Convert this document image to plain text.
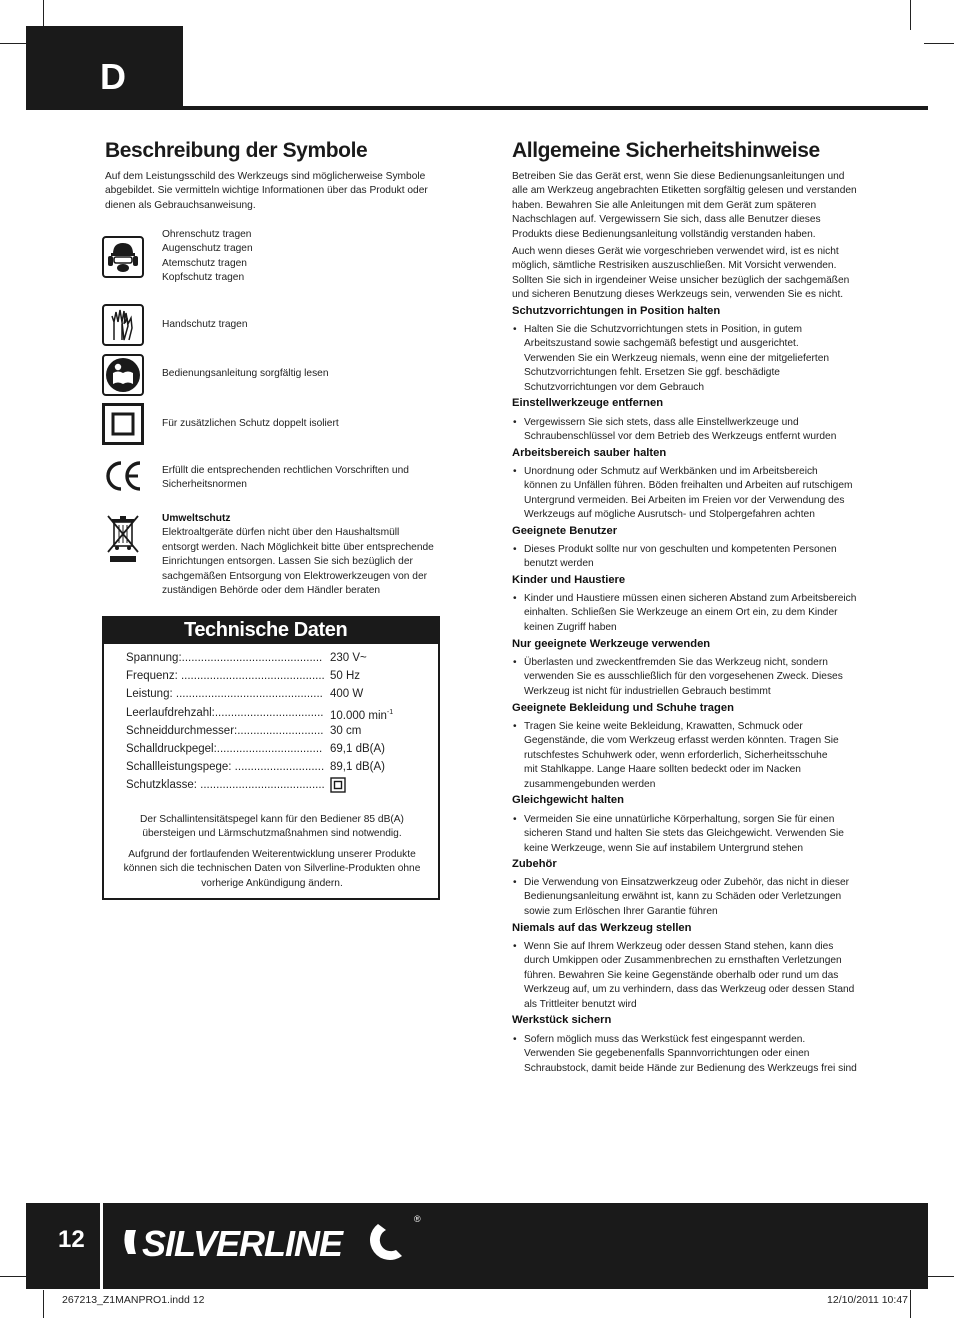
D
Beschreibung der Symbole

Auf dem Leistungsschild des Werkzeugs sind möglicherweise Symbole abgebildet. Sie vermitteln wichtige Informationen über das Produkt oder dienen als Gebrauchsanweisung.

Ohrenschutz tragen
Augenschutz tragen
Atemschutz tragen
Kopfschutz tragen
Handschutz tragen
Bedienungsanleitung sorgfältig lesen
Für zusätzlichen Schutz doppelt isoliert
Erfüllt die entsprechenden rechtlichen Vorschriften und
Sicherheitsnormen
Umweltschutz
Elektroaltgeräte dürfen nicht über den Haushaltsmüll
entsorgt werden. Nach Möglichkeit bitte über entsprechende
Einrichtungen entsorgen. Lassen Sie sich bezüglich der
sachgemäßen Entsorgung von Elektrowerkzeugen von der
zuständigen Behörde oder dem Händler beraten
Technische Daten
Spannung:............................................ 230 V~
Frequenz: ............................................. 50 Hz
Leistung: .............................................. 400 W
Leerlaufdrehzahl:.................................. 10.000 $\min^{-1}$
Schneiddurchmesser:........................... 30 cm
Schalldruckpegel:................................. 69,1 dB(A)
Schallleistungspege: ............................ 89,1 dB(A)
Schutzklasse: .......................................
Der Schallintensitätspegel kann für den Bediener 85 dB(A)
übersteigen und Lärmschutzmaßnahmen sind notwendig.
Aufgrund der fortlaufenden Weiterentwicklung unserer Produkte
können sich die technischen Daten von Silverline-Produkten ohne
vorherige Ankündigung ändern.
Allgemeine Sicherheitshinweise
Betreiben Sie das Gerät erst, wenn Sie diese Bedienungsanleitungen und
alle am Werkzeug angebrachten Etiketten sorgfältig gelesen und verstanden
haben. Bewahren Sie alle Anleitungen mit dem Gerät zum späteren
Nachschlagen auf. Vergewissern Sie sich, dass alle Benutzer dieses
Produkts diese Bedienungsanleitung vollständig verstanden haben.
Auch wenn dieses Gerät wie vorgeschrieben verwendet wird, ist es nicht
möglich, sämtliche Restrisiken auszuschließen. Mit Vorsicht verwenden.
Sollten Sie sich in irgendeiner Weise unsicher bezüglich der sachgemäßen
und sicheren Benutzung dieses Werkzeugs sein, verwenden Sie es nicht.
Schutzvorrichtungen in Position halten
• Halten Sie die Schutzvorrichtungen stets in Position, in gutem
Arbeitszustand sowie sachgemäß befestigt und ausgerichtet.
Verwenden Sie ein Werkzeug niemals, wenn eine der mitgelieferten
Schutzvorrichtungen fehlt. Ersetzen Sie ggf. beschädigte
Schutzvorrichtungen vor dem Gebrauch
Einstellwerkzeuge entfernen
• Vergewissern Sie sich stets, dass alle Einstellwerkzeuge und
Schraubenschlüssel vor dem Betrieb des Werkzeugs entfernt wurden
Arbeitsbereich sauber halten
• Unordnung oder Schmutz auf Werkbänken und im Arbeitsbereich
können zu Unfällen führen. Böden freihalten und Arbeiten auf rutschigem
Untergrund vermeiden. Bei Arbeiten im Freien vor der Verwendung des
Werkzeugs auf mögliche Ausrutsch- und Stolpergefahren achten
Geeignete Benutzer
• Dieses Produkt sollte nur von geschulten und kompetenten Personen
benutzt werden
Kinder und Haustiere
• Kinder und Haustiere müssen einen sicheren Abstand zum Arbeitsbereich
einhalten. Schließen Sie Werkzeuge an einem Ort ein, zu dem Kinder
keinen Zugriff haben
Nur geeignete Werkzeuge verwenden
• Überlasten und zweckentfremden Sie das Werkzeug nicht, sondern
verwenden Sie es ausschließlich für den vorgesehenen Zweck. Dieses
Werkzeug ist nicht für industriellen Gebrauch bestimmt
Geeignete Bekleidung und Schuhe tragen
• Tragen Sie keine weite Bekleidung, Krawatten, Schmuck oder
Gegenstände, die vom Werkzeug erfasst werden könnten. Tragen Sie
rutschfestes Schuhwerk oder, wenn erforderlich, Sicherheitsschuhe
mit Stahlkappe. Lange Haare sollten bedeckt oder im Nacken
zusammengebunden werden
Gleichgewicht halten
• Vermeiden Sie eine unnatürliche Körperhaltung, sorgen Sie für einen
sicheren Stand und halten Sie stets das Gleichgewicht. Verwenden Sie
keine Werkzeuge, wenn Sie auf instabilem Untergrund stehen
Zubehör
• Die Verwendung von Einsatzwerkzeug oder Zubehör, das nicht in dieser
Bedienungsanleitung erwähnt ist, kann zu Schäden oder Verletzungen
sowie zum Erlöschen Ihrer Garantie führen
Niemals auf das Werkzeug stellen
• Wenn Sie auf Ihrem Werkzeug oder dessen Stand stehen, kann dies
durch Umkippen oder Zusammenbrechen zu ernsthaften Verletzungen
führen. Bewahren Sie keine Gegenstände oberhalb oder rund um das
Werkzeug auf, um zu verhindern, dass das Werkzeug oder dessen Stand
als Trittleiter benutzt wird
Werkstück sichern
• Sofern möglich muss das Werkstück fest eingespannt werden.
Verwenden Sie gegebenenfalls Spannvorrichtungen oder einen
Schraubstock, damit beide Hände zur Bedienung des Werkzeugs frei sind
12 SILVERLINE
®
267213_Z1MANPRO1.indd 12	12/10/2011 10:47
